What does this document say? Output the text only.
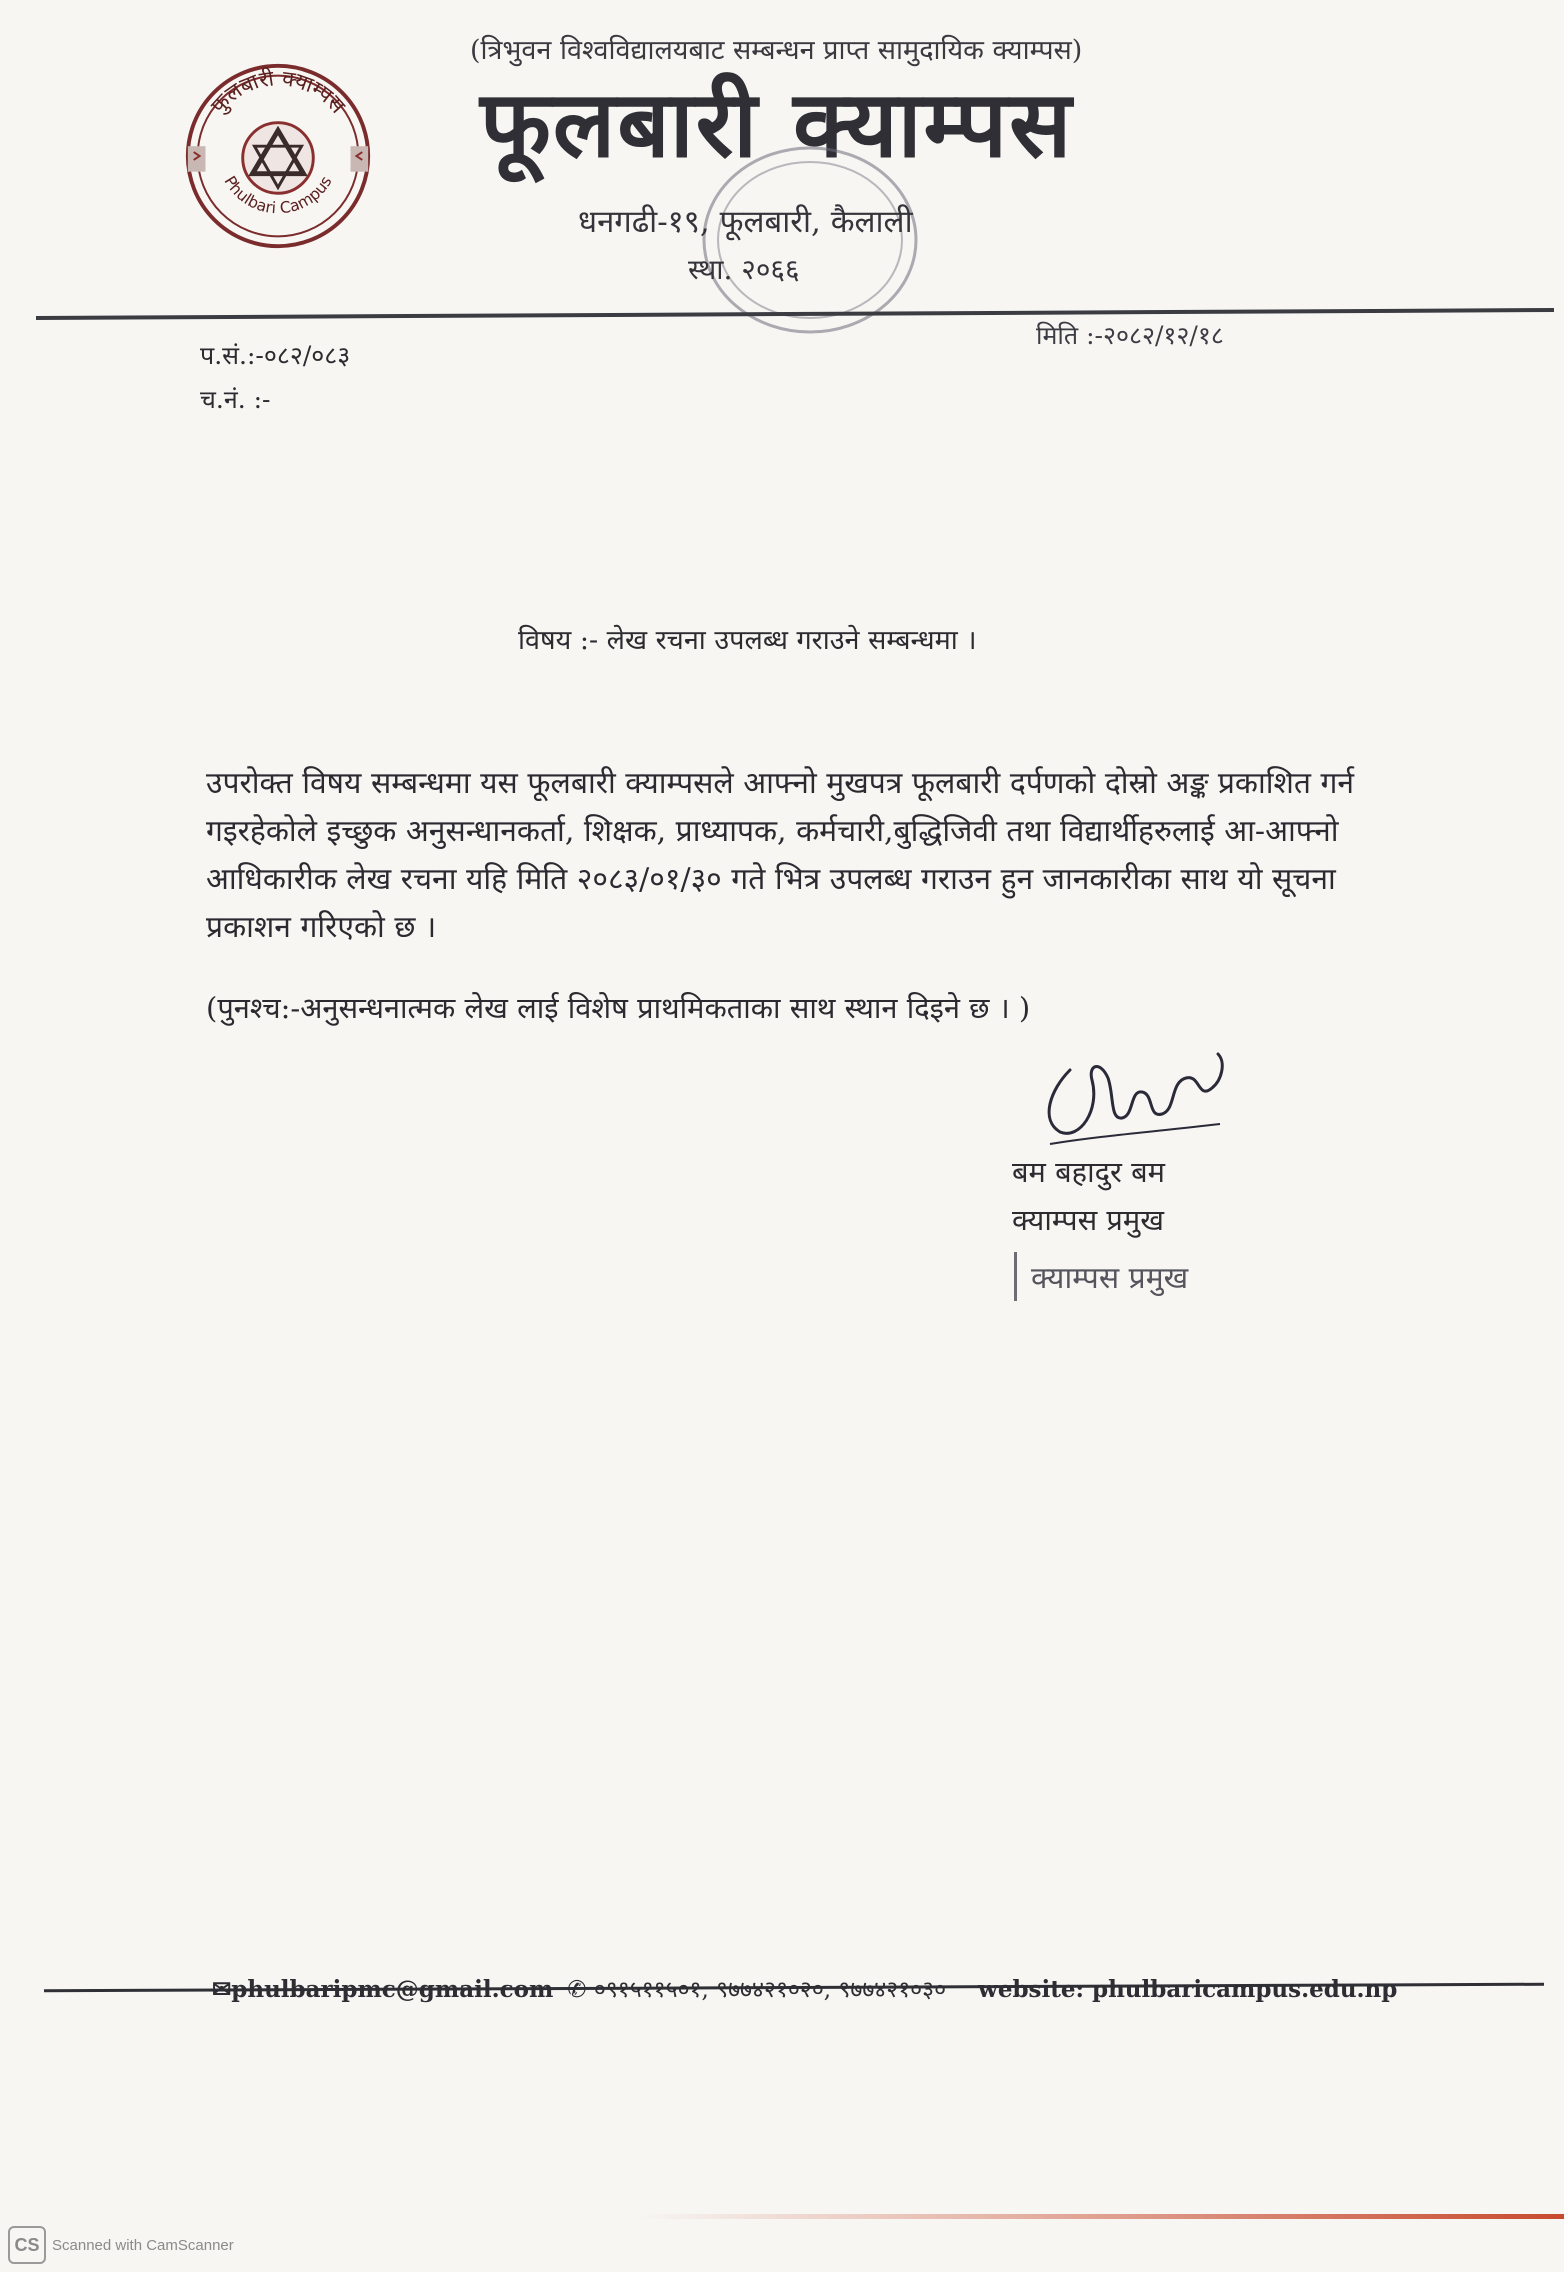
फुलबारी क्याम्पस
Phulbari Campus
(त्रिभुवन विश्वविद्यालयबाट सम्बन्धन प्राप्त सामुदायिक क्याम्पस)
फूलबारी क्याम्पस
धनगढी-१९, फूलबारी, कैलाली
स्था. २०६६
प.सं.:-०८२/०८३
च.नं. :-
मिति :-२०८२/१२/१८
विषय :- लेख रचना उपलब्ध गराउने सम्बन्धमा ।
उपरोक्त विषय सम्बन्धमा यस फूलबारी क्याम्पसले आफ्नो मुखपत्र फूलबारी दर्पणको दोस्रो अङ्क प्रकाशित गर्न गइरहेकोले इच्छुक अनुसन्धानकर्ता, शिक्षक, प्राध्यापक, कर्मचारी,बुद्धिजिवी तथा विद्यार्थीहरुलाई आ-आफ्नो आधिकारीक लेख रचना यहि मिति २०८३/०१/३० गते भित्र उपलब्ध गराउन हुन जानकारीका साथ यो सूचना प्रकाशन गरिएको छ ।
(पुनश्च:-अनुसन्धनात्मक लेख लाई विशेष प्राथमिकताका साथ स्थान दिइने छ । )
बम बहादुर बम
क्याम्पस प्रमुख
क्याम्पस प्रमुख
✉phulbaripmc@gmail.com ✆ ०९१५११५०१, ९७७४२१०२०, ९७७४२१०३० website: phulbaricampus.edu.np
CS Scanned with CamScanner
